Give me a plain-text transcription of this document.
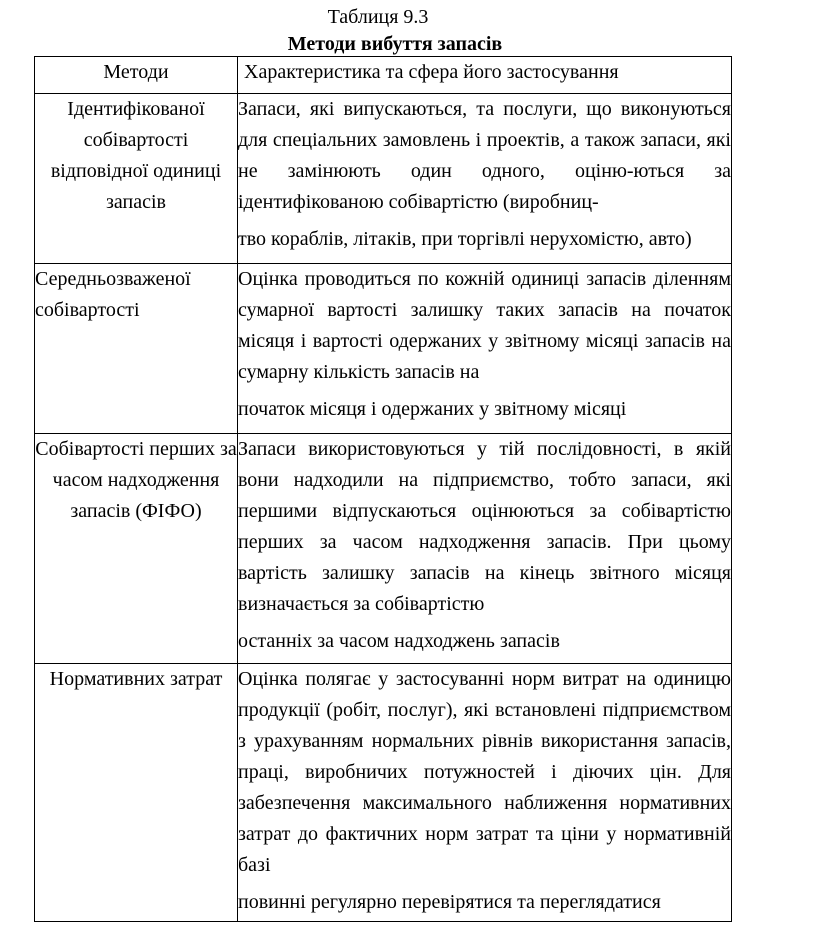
Таблиця 9.3
Методи вибуття запасів
Методи	Характеристика та сфера його застосування
Ідентифікованої собівартості відповідної одиниці запасів	Запаси, які випускаються, та послуги, що виконуються для спеціальних замовлень і проектів, а також запаси, які не замінюють один одного, оціню-ються за ідентифікованою собівартістю (виробниц-
тво кораблів, літаків, при торгівлі нерухомістю, авто)

Середньозваженої собівартості	Оцінка проводиться по кожній одиниці запасів діленням сумарної вартості залишку таких запасів на початок місяця і вартості одержаних у звітному місяці запасів на сумарну кількість запасів на
початок місяця і одержаних у звітному місяці

Собівартості перших за часом надходження запасів (ФІФО)	Запаси використовуються у тій послідовності, в якій вони надходили на підприємство, тобто запаси, які першими відпускаються оцінюються за собівартістю перших за часом надходження запасів. При цьому вартість залишку запасів на кінець звітного місяця визначається за собівартістю
останніх за часом надходжень запасів

Нормативних затрат	Оцінка полягає у застосуванні норм витрат на одиницю продукції (робіт, послуг), які встановлені підприємством з урахуванням нормальних рівнів використання запасів, праці, виробничих потужностей і діючих цін. Для забезпечення максимального наближення нормативних затрат до фактичних норм затрат та ціни у нормативній базі
повинні регулярно перевірятися та переглядатися
